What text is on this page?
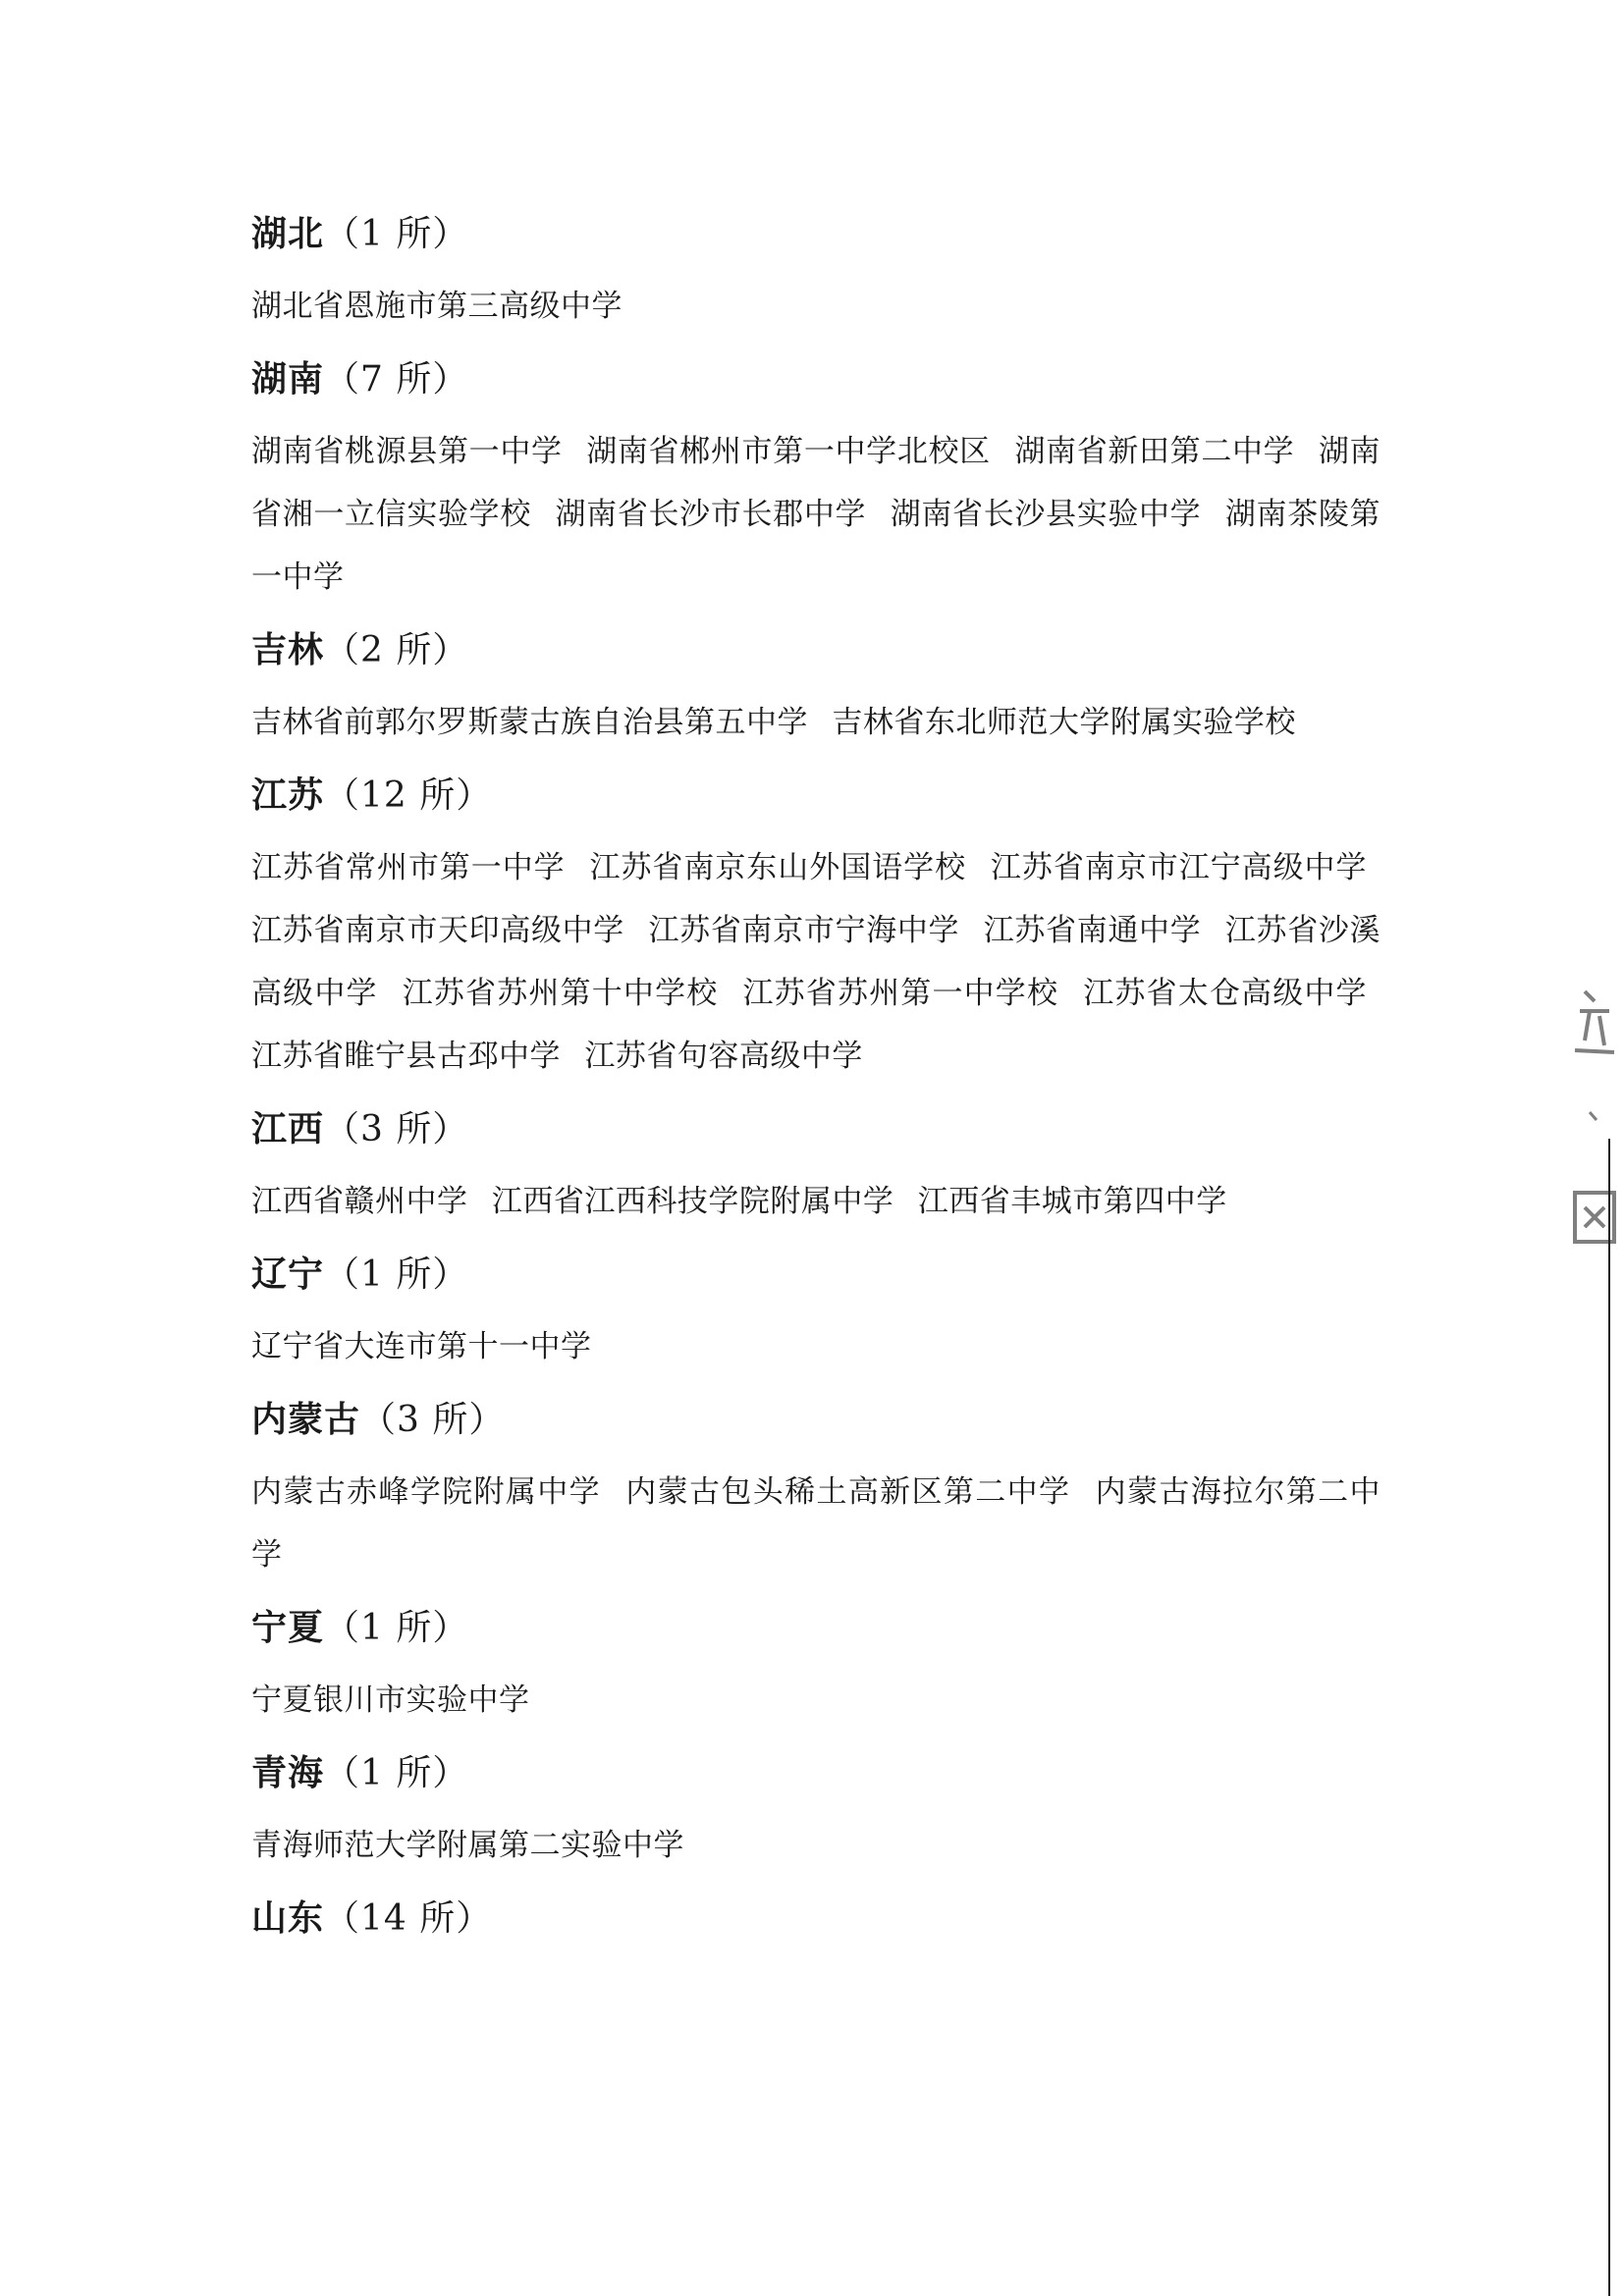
湖北（1 所）
湖北省恩施市第三高级中学
湖南（7 所）
湖南省桃源县第一中学 湖南省郴州市第一中学北校区 湖南省新田第二中学 湖南省湘一立信实验学校 湖南省长沙市长郡中学 湖南省长沙县实验中学 湖南茶陵第一中学
吉林（2 所）
吉林省前郭尔罗斯蒙古族自治县第五中学 吉林省东北师范大学附属实验学校
江苏（12 所）
江苏省常州市第一中学 江苏省南京东山外国语学校 江苏省南京市江宁高级中学 江苏省南京市天印高级中学 江苏省南京市宁海中学 江苏省南通中学 江苏省沙溪高级中学 江苏省苏州第十中学校 江苏省苏州第一中学校 江苏省太仓高级中学 江苏省睢宁县古邳中学 江苏省句容高级中学
江西（3 所）
江西省赣州中学 江西省江西科技学院附属中学 江西省丰城市第四中学
辽宁（1 所）
辽宁省大连市第十一中学
内蒙古（3 所）
内蒙古赤峰学院附属中学 内蒙古包头稀土高新区第二中学 内蒙古海拉尔第二中学
宁夏（1 所）
宁夏银川市实验中学
青海（1 所）
青海师范大学附属第二实验中学
山东（14 所）
